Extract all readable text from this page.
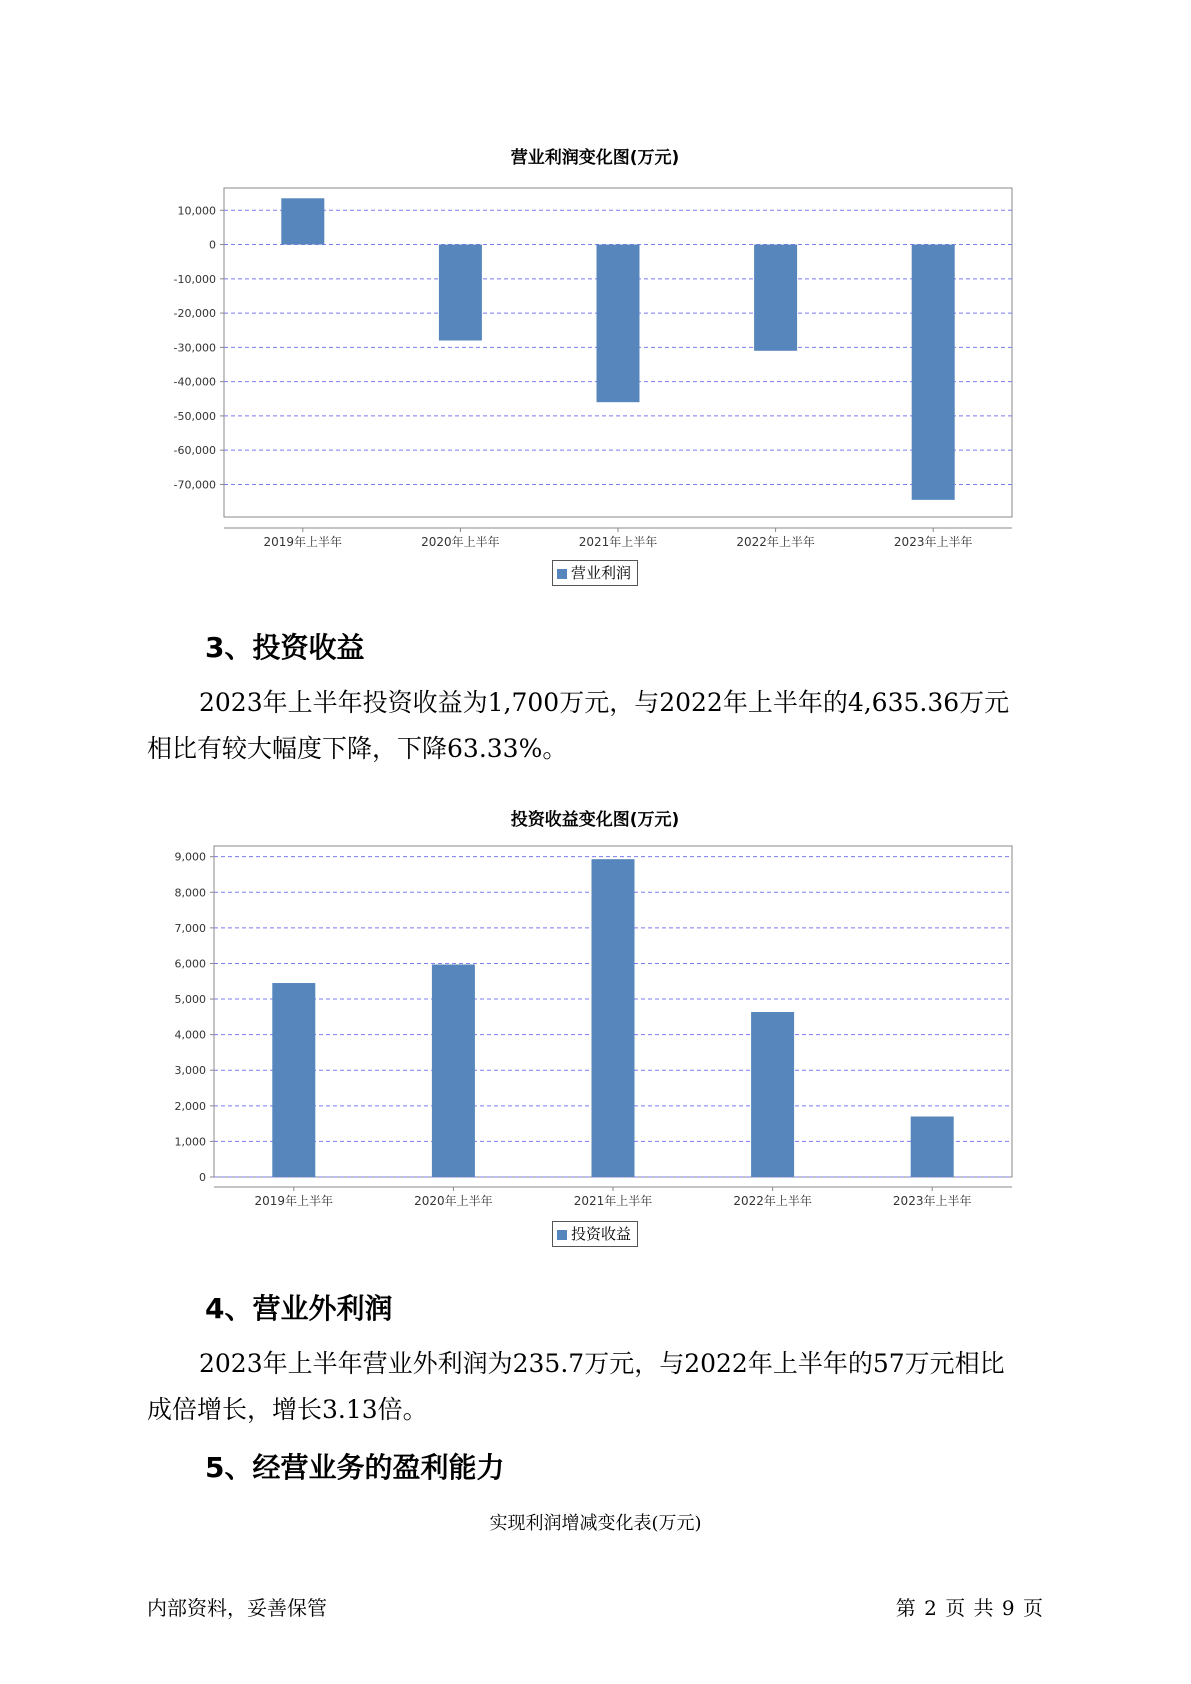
营业利润变化图(万元)
10,000
0
-10,000
-20,000
-30,000
-40,000
-50,000
-60,000
-70,000
2019年上半年	2020年上半年	2021年上半年	2022年上半年	2023年上半年
营业利润
3、投资收益
2023年上半年投资收益为1,700万元，与2022年上半年的4,635.36万元
相比有较大幅度下降，下降63.33%。
投资收益变化图(万元)
0
1,000
2,000
3,000
4,000
5,000
6,000
7,000
8,000
9,000
2019年上半年	2020年上半年	2021年上半年	2022年上半年	2023年上半年
投资收益
4、营业外利润
2023年上半年营业外利润为235.7万元，与2022年上半年的57万元相比
成倍增长，增长3.13倍。
5、经营业务的盈利能力
实现利润增减变化表(万元)
内部资料，妥善保管	第 2 页 共 9 页
